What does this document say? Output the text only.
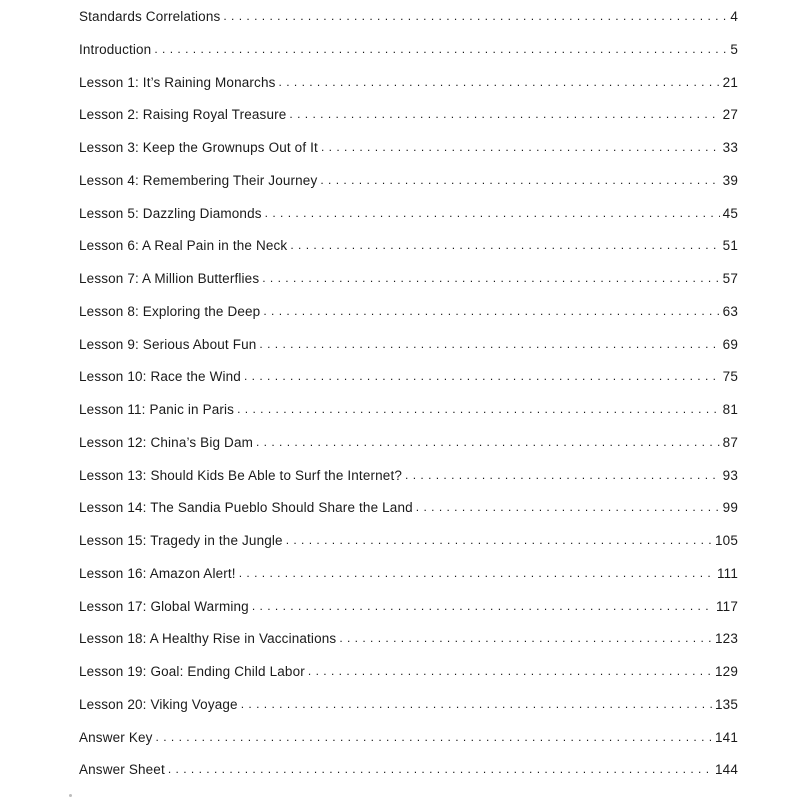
Standards Correlations .....	4
Introduction .....	5
Lesson 1: It’s Raining Monarchs .....	21
Lesson 2: Raising Royal Treasure .....	27
Lesson 3: Keep the Grownups Out of It .....	33
Lesson 4: Remembering Their Journey .....	39
Lesson 5: Dazzling Diamonds .....	45
Lesson 6: A Real Pain in the Neck .....	51
Lesson 7: A Million Butterflies .....	57
Lesson 8: Exploring the Deep .....	63
Lesson 9: Serious About Fun .....	69
Lesson 10: Race the Wind .....	75
Lesson 11: Panic in Paris .....	81
Lesson 12: China’s Big Dam .....	87
Lesson 13: Should Kids Be Able to Surf the Internet? .....	93
Lesson 14: The Sandia Pueblo Should Share the Land .....	99
Lesson 15: Tragedy in the Jungle .....	105
Lesson 16: Amazon Alert! .....	111
Lesson 17: Global Warming .....	117
Lesson 18: A Healthy Rise in Vaccinations .....	123
Lesson 19: Goal: Ending Child Labor .....	129
Lesson 20: Viking Voyage .....	135
Answer Key .....	141
Answer Sheet .....	144
